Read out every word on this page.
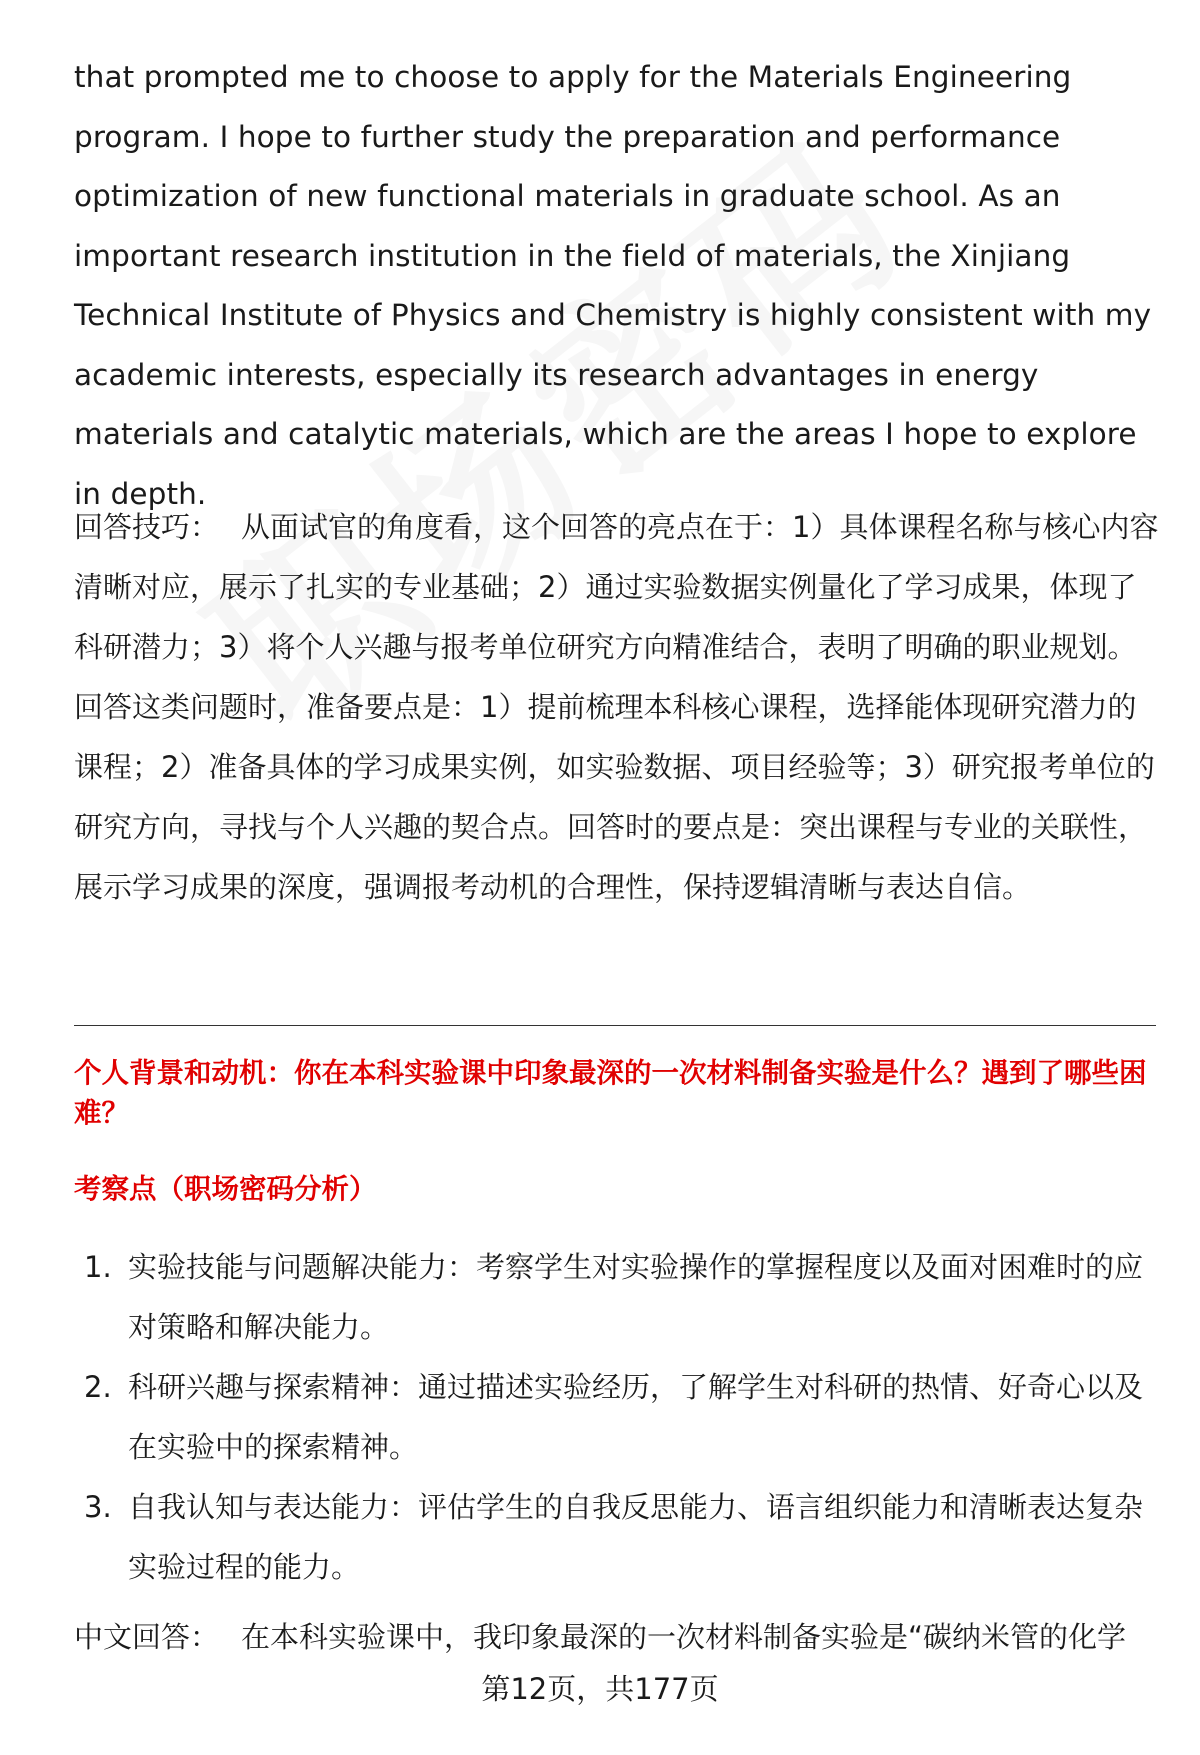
that prompted me to choose to apply for the Materials Engineering program. I hope to further study the preparation and performance optimization of new functional materials in graduate school. As an important research institution in the field of materials, the Xinjiang Technical Institute of Physics and Chemistry is highly consistent with my academic interests, especially its research advantages in energy materials and catalytic materials, which are the areas I hope to explore in depth.

回答技巧： 从面试官的角度看，这个回答的亮点在于：1）具体课程名称与核心内容清晰对应，展示了扎实的专业基础；2）通过实验数据实例量化了学习成果，体现了科研潜力；3）将个人兴趣与报考单位研究方向精准结合，表明了明确的职业规划。回答这类问题时，准备要点是：1）提前梳理本科核心课程，选择能体现研究潜力的课程；2）准备具体的学习成果实例，如实验数据、项目经验等；3）研究报考单位的研究方向，寻找与个人兴趣的契合点。回答时的要点是：突出课程与专业的关联性，展示学习成果的深度，强调报考动机的合理性，保持逻辑清晰与表达自信。

个人背景和动机：你在本科实验课中印象最深的一次材料制备实验是什么？遇到了哪些困难？

考察点（职场密码分析）

1. 实验技能与问题解决能力：考察学生对实验操作的掌握程度以及面对困难时的应对策略和解决能力。
2. 科研兴趣与探索精神：通过描述实验经历，了解学生对科研的热情、好奇心以及在实验中的探索精神。
3. 自我认知与表达能力：评估学生的自我反思能力、语言组织能力和清晰表达复杂实验过程的能力。

中文回答： 在本科实验课中，我印象最深的一次材料制备实验是“碳纳米管的化学

第12页，共177页
